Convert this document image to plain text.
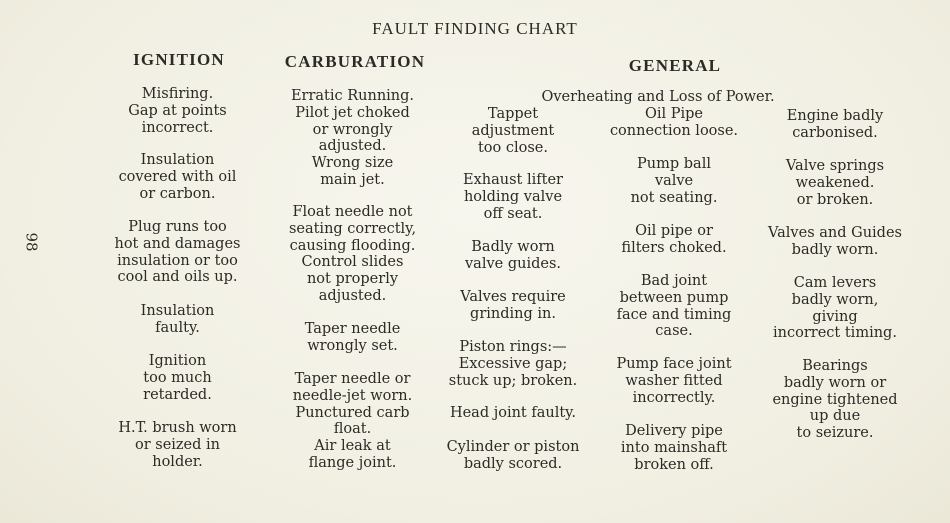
FAULT FINDING CHART
98
IGNITION	CARBURATION	GENERAL
Overheating and Loss of Power.
Misfiring.
Gap at points
incorrect.
Insulation
covered with oil
or carbon.
Plug runs too
hot and damages
insulation or too
cool and oils up.
Insulation
faulty.
Ignition
too much
retarded.
H.T. brush worn
or seized in
holder.
Erratic Running.
Pilot jet choked
or wrongly
adjusted.
Wrong size
main jet.
Float needle not
seating correctly,
causing flooding.
Control slides
not properly
adjusted.
Taper needle
wrongly set.
Taper needle or
needle-jet worn.
Punctured carb
float.
Air leak at
flange joint.
Tappet
adjustment
too close.
Exhaust lifter
holding valve
off seat.
Badly worn
valve guides.
Valves require
grinding in.
Piston rings:—
Excessive gap;
stuck up; broken.
Head joint faulty.
Cylinder or piston
badly scored.
Oil Pipe
connection loose.
Pump ball
valve
not seating.
Oil pipe or
filters choked.
Bad joint
between pump
face and timing
case.
Pump face joint
washer fitted
incorrectly.
Delivery pipe
into mainshaft
broken off.
Engine badly
carbonised.
Valve springs
weakened.
or broken.
Valves and Guides
badly worn.
Cam levers
badly worn,
giving
incorrect timing.
Bearings
badly worn or
engine tightened
up due
to seizure.
